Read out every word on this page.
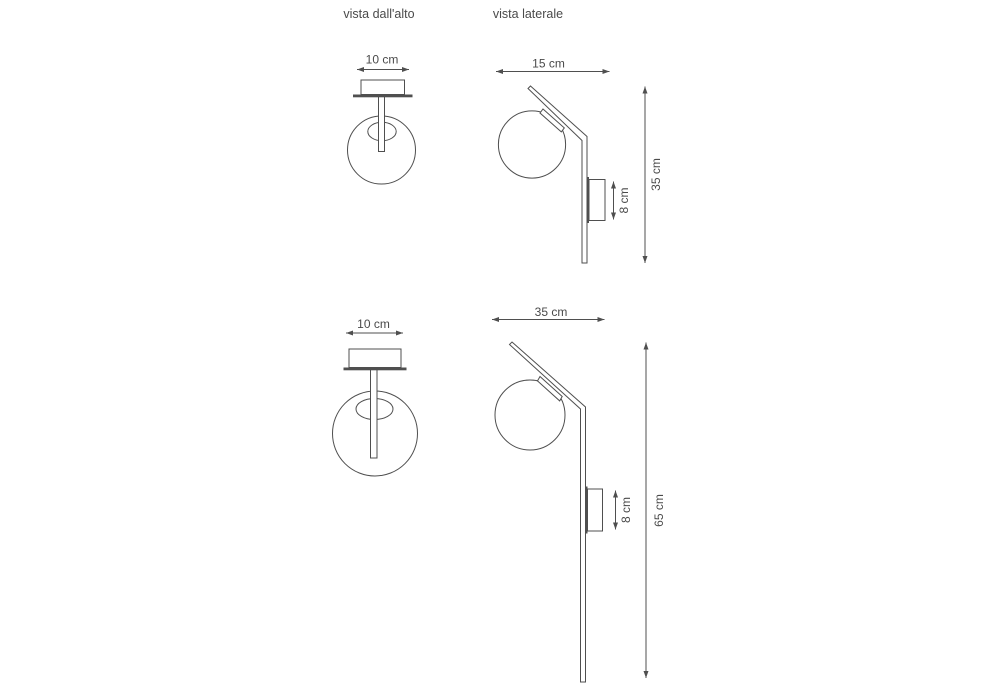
vista dall'alto	vista laterale
10 cm	15 cm
8 cm
35 cm
10 cm
35 cm
8 cm 65 cm
